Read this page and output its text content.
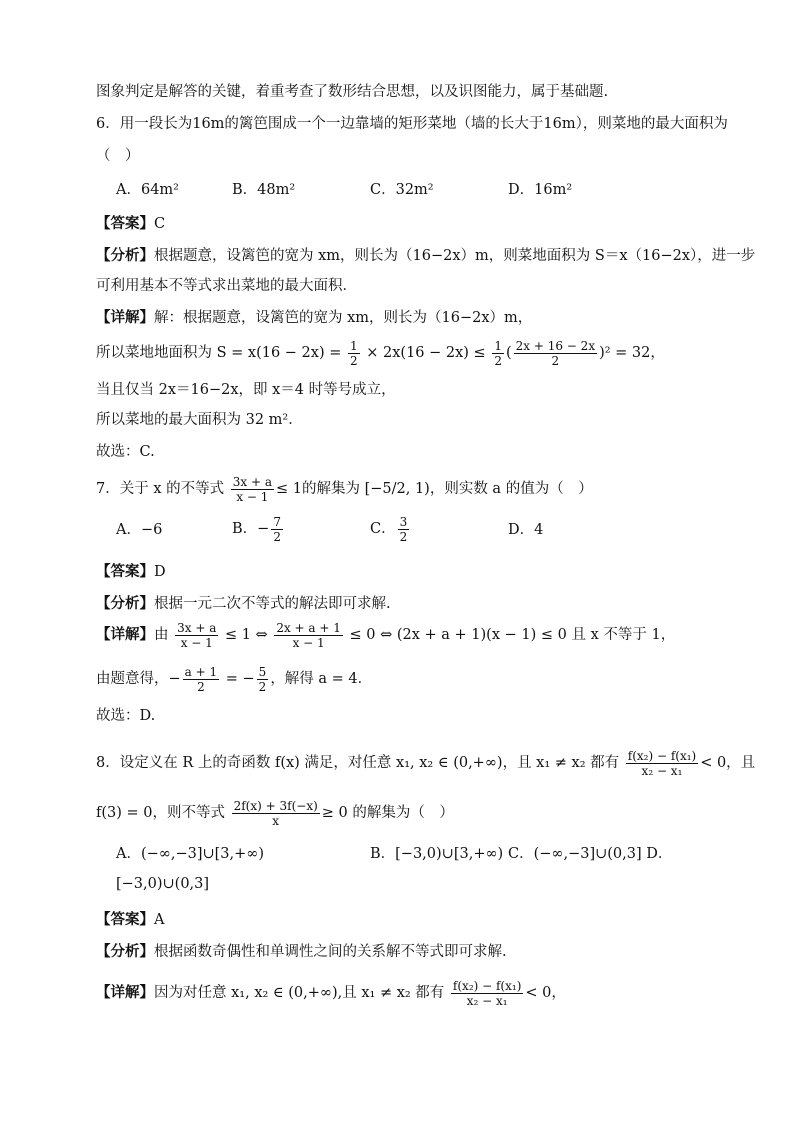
图象判定是解答的关键，着重考查了数形结合思想，以及识图能力，属于基础题.
6．用一段长为16m的篱笆围成一个一边靠墙的矩形菜地（墙的长大于16m），则菜地的最大面积为
（　）
A．64m²	B．48m²	C．32m²	D．16m²
【答案】C
【分析】根据题意，设篱笆的宽为 xm，则长为（16−2x）m，则菜地面积为 S＝x（16−2x），进一步
可利用基本不等式求出菜地的最大面积．
【详解】解：根据题意，设篱笆的宽为 xm，则长为（16−2x）m，
所以菜地地面积为 $S = x(16 - 2x) = \frac{1}{2} \times 2x(16 - 2x) \le \frac{1}{2}$ ( $\frac{2x + 16 - 2x}{2} )^2 = 32$，
当且仅当 2x＝16−2x，即 x＝4 时等号成立，
所以菜地的最大面积为 32 m²．
故选：C.
7．关于 x 的不等式 $\frac{3x + a}{x - 1} \le 1$的解集为 [−5/2, 1)，则实数 a 的值为（　）
A．−6	B．− $\frac{7}{2}$	C． $\frac{3}{2}$	D．4
【答案】D
【分析】根据一元二次不等式的解法即可求解.
【详解】由 $\frac{3x + a}{x - 1} \le 1$ ⇔ $\frac{2x + a + 1}{x - 1} \le 0$ ⇔ (2x + a + 1)(x − 1) ≤ 0 且 x 不等于 1，
由题意得，− $\frac{a + 1}{2}$ = − $\frac{5}{2}$ ，解得 a = 4．
故选：D.
8．设定义在 R 上的奇函数 f(x) 满足，对任意 x₁, x₂ ∈ (0,+∞)，且 x₁ ≠ x₂ 都有 $\frac{\text{f(x₂) − f(x₁)}}{\text{x₂ − x₁}} < 0$，且
f(3) = 0，则不等式 $\frac{2f(x) + 3f(-x)}{x} \ge 0$ 的解集为（　）
A．(−∞,−3]∪[3,+∞)	B．[−3,0)∪[3,+∞) C．(−∞,−3]∪(0,3] D．
[−3,0)∪(0,3]
【答案】A
【分析】根据函数奇偶性和单调性之间的关系解不等式即可求解.
【详解】因为对任意 x₁, x₂ ∈ (0,+∞),且 x₁ ≠ x₂ 都有 $\frac{\text{f(x₂) − f(x₁)}}{\text{x₂ − x₁}} < 0$，
